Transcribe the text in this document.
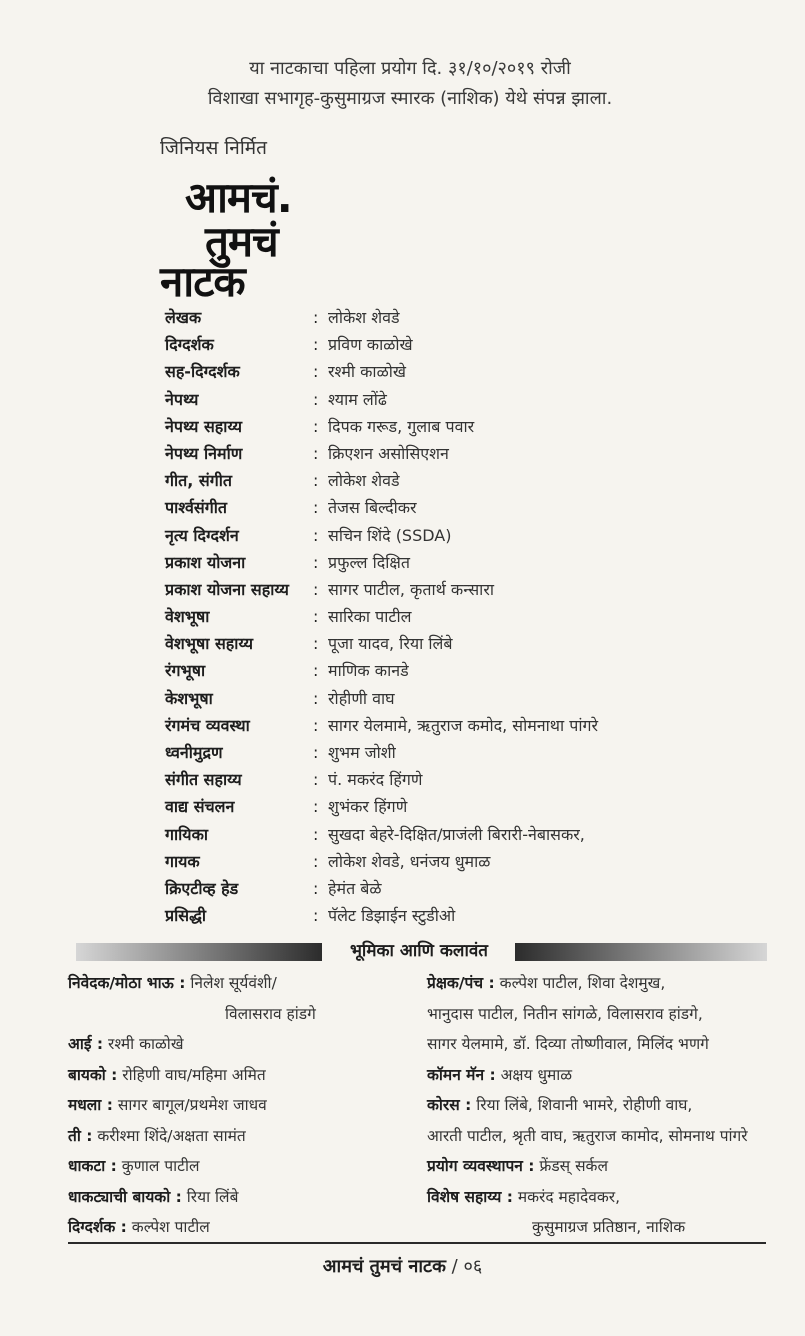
या नाटकाचा पहिला प्रयोग दि. ३१/१०/२०१९ रोजी
विशाखा सभागृह-कुसुमाग्रज स्मारक (नाशिक) येथे संपन्न झाला.
जिनियस निर्मित
आमचं.
तुमचं
नाटक
लेखक	: लोकेश शेवडे
दिग्दर्शक	: प्रविण काळोखे
सह-दिग्दर्शक	: रश्मी काळोखे
नेपथ्य	: श्याम लोंढे
नेपथ्य सहाय्य	: दिपक गरूड, गुलाब पवार
नेपथ्य निर्माण	: क्रिएशन असोसिएशन
गीत, संगीत	: लोकेश शेवडे
पार्श्वसंगीत	: तेजस बिल्दीकर
नृत्य दिग्दर्शन	: सचिन शिंदे (SSDA)
प्रकाश योजना	: प्रफुल्ल दिक्षित
प्रकाश योजना सहाय्य : सागर पाटील, कृतार्थ कन्सारा
वेशभूषा	: सारिका पाटील
वेशभूषा सहाय्य	: पूजा यादव, रिया लिंबे
रंगभूषा	: माणिक कानडे
केशभूषा	: रोहीणी वाघ
रंगमंच व्यवस्था	: सागर येलमामे, ऋतुराज कमोद, सोमनाथा पांगरे
ध्वनीमुद्रण	: शुभम जोशी
संगीत सहाय्य	: पं. मकरंद हिंगणे
वाद्य संचलन	: शुभंकर हिंगणे
गायिका	: सुखदा बेहरे-दिक्षित/प्राजंली बिरारी-नेबासकर,
गायक	: लोकेश शेवडे, धनंजय धुमाळ
क्रिएटीव्ह हेड	: हेमंत बेळे
प्रसिद्धी	: पॅलेट डिझाईन स्टुडीओ
भूमिका आणि कलावंत
निवेदक/मोठा भाऊ : निलेश सूर्यवंशी/
विलासराव हांडगे
आई : रश्मी काळोखे
बायको : रोहिणी वाघ/महिमा अमित
मधला : सागर बागूल/प्रथमेश जाधव
ती : करीश्मा शिंदे/अक्षता सामंत
धाकटा : कुणाल पाटील
धाकट्याची बायको : रिया लिंबे
दिग्दर्शक : कल्पेश पाटील
प्रेक्षक/पंच : कल्पेश पाटील, शिवा देशमुख,
भानुदास पाटील, नितीन सांगळे, विलासराव हांडगे,
सागर येलमामे, डॉ. दिव्या तोष्णीवाल, मिलिंद भणगे
कॉमन मॅन : अक्षय धुमाळ
कोरस : रिया लिंबे, शिवानी भामरे, रोहीणी वाघ,
आरती पाटील, श्रृती वाघ, ऋतुराज कामोद, सोमनाथ पांगरे
प्रयोग व्यवस्थापन : फ्रेंडस् सर्कल
विशेष सहाय्य : मकरंद महादेवकर,
कुसुमाग्रज प्रतिष्ठान, नाशिक
आमचं तुमचं नाटक / ०६
